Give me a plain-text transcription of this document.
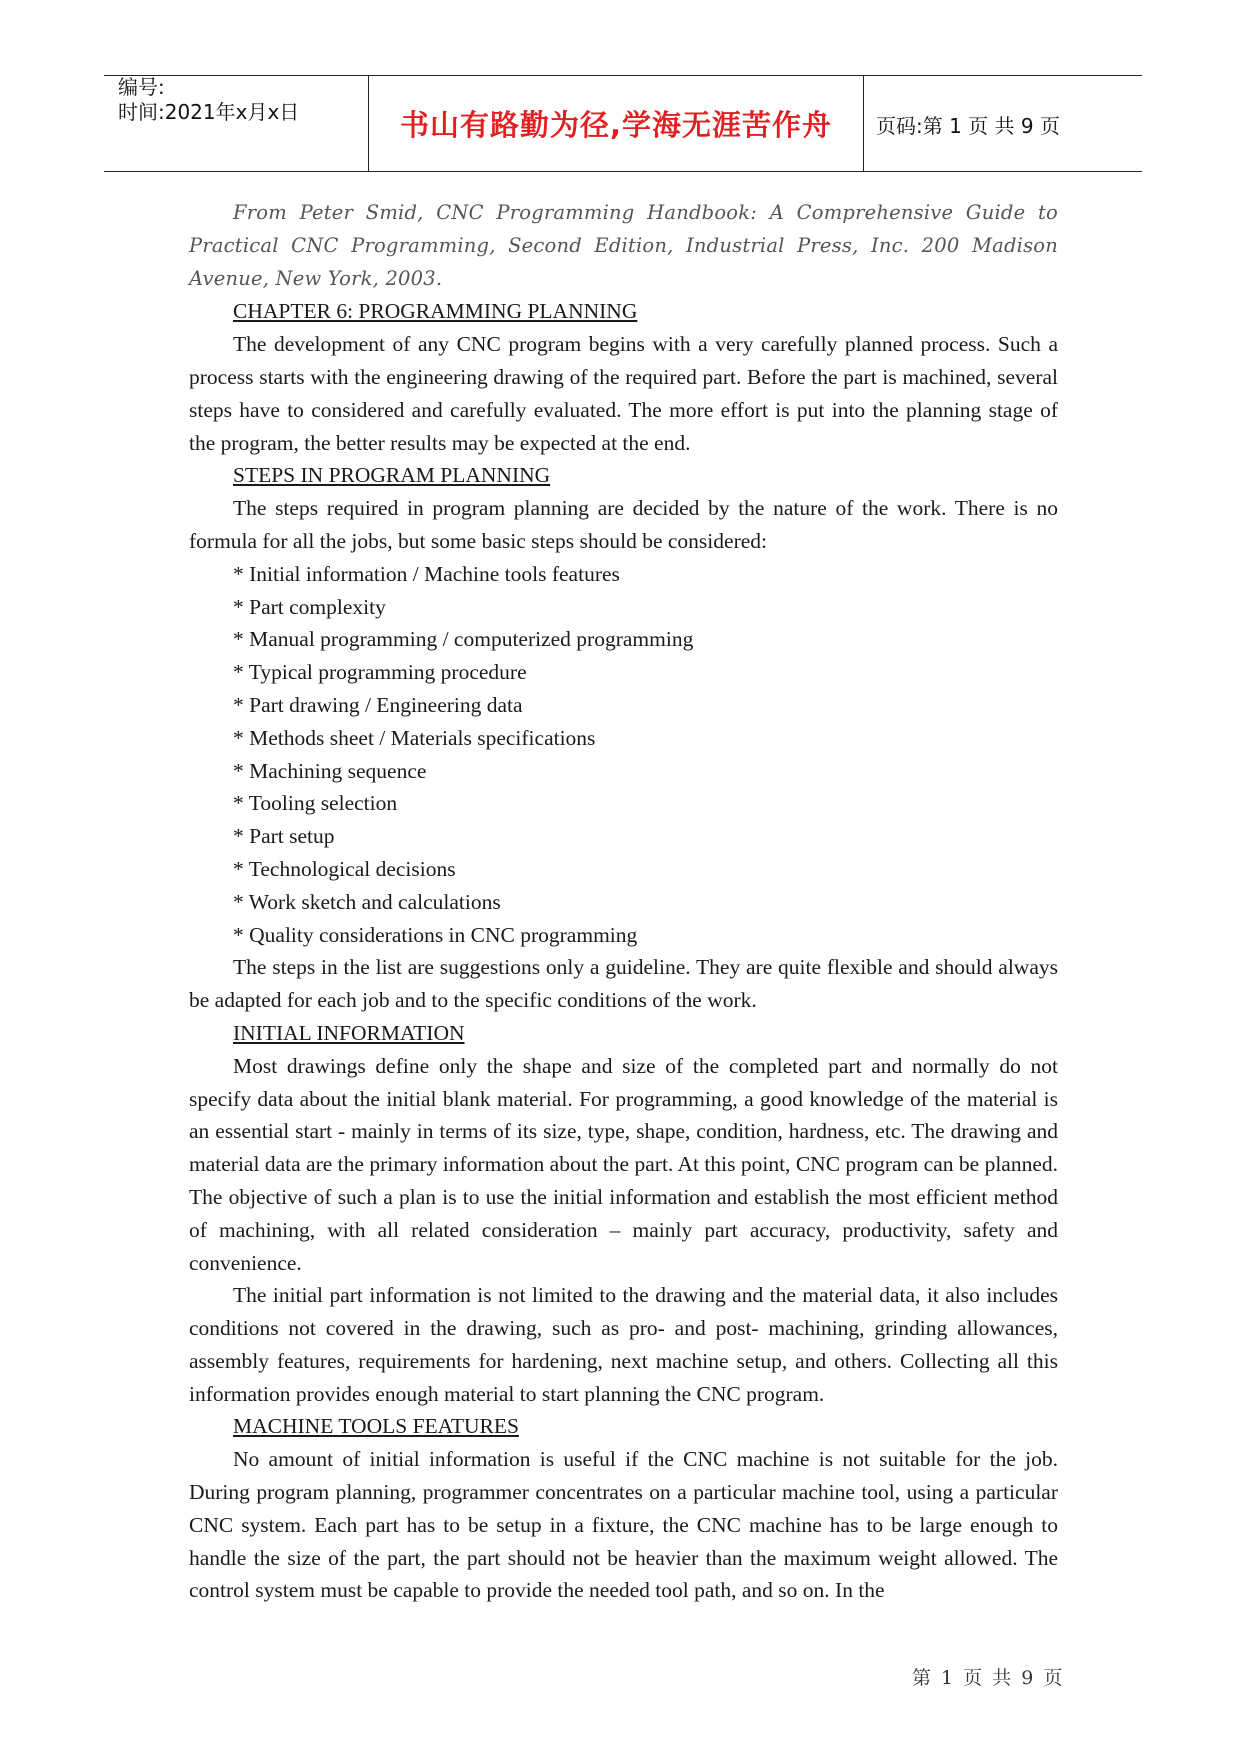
编号:
时间:2021年x月x日	书山有路勤为径,学海无涯苦作舟 页码:第 1 页 共 9 页

From Peter Smid, CNC Programming Handbook: A Comprehensive Guide to Practical CNC Programming, Second Edition, Industrial Press, Inc. 200 Madison Avenue, New York, 2003.

CHAPTER 6: PROGRAMMING PLANNING

The development of any CNC program begins with a very carefully planned process. Such a process starts with the engineering drawing of the required part. Before the part is machined, several steps have to considered and carefully evaluated. The more effort is put into the planning stage of the program, the better results may be expected at the end.

STEPS IN PROGRAM PLANNING

The steps required in program planning are decided by the nature of the work. There is no formula for all the jobs, but some basic steps should be considered:

* Initial information / Machine tools features

* Part complexity

* Manual programming / computerized programming

* Typical programming procedure

* Part drawing / Engineering data

* Methods sheet / Materials specifications

* Machining sequence

* Tooling selection

* Part setup

* Technological decisions

* Work sketch and calculations

* Quality considerations in CNC programming

The steps in the list are suggestions only a guideline. They are quite flexible and should always be adapted for each job and to the specific conditions of the work.

INITIAL INFORMATION

Most drawings define only the shape and size of the completed part and normally do not specify data about the initial blank material. For programming, a good knowledge of the material is an essential start - mainly in terms of its size, type, shape, condition, hardness, etc. The drawing and material data are the primary information about the part. At this point, CNC program can be planned. The objective of such a plan is to use the initial information and establish the most efficient method of machining, with all related consideration – mainly part accuracy, productivity, safety and convenience.

The initial part information is not limited to the drawing and the material data, it also includes conditions not covered in the drawing, such as pro- and post- machining, grinding allowances, assembly features, requirements for hardening, next machine setup, and others. Collecting all this information provides enough material to start planning the CNC program.

MACHINE TOOLS FEATURES

No amount of initial information is useful if the CNC machine is not suitable for the job. During program planning, programmer concentrates on a particular machine tool, using a particular CNC system. Each part has to be setup in a fixture, the CNC machine has to be large enough to handle the size of the part, the part should not be heavier than the maximum weight allowed. The control system must be capable to provide the needed tool path, and so on. In the

第 1 页 共 9 页
